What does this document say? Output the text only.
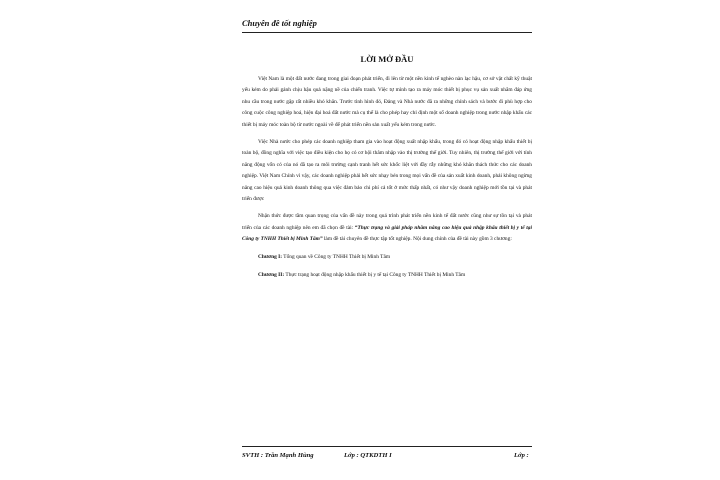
Chuyên đề tốt nghiệp
LỜI MỞ ĐẦU

Việt Nam là một đất nước đang trong giai đoạn phát triển, đi lên từ một nền kinh tế nghèo nàn lạc hậu, cơ sở vật chất kỹ thuật yếu kém do phải gánh chịu hậu quả nặng nề của chiến tranh. Việc tự mình tạo ra máy móc thiết bị phục vụ sản xuất nhằm đáp ứng nhu cầu trong nước gặp rất nhiều khó khăn. Trước tình hình đó, Đảng và Nhà nước đã ra những chính sách và bước đi phù hợp cho công cuộc công nghiệp hoá, hiện đại hoá đất nước mà cụ thể là cho phép hay chỉ định một số doanh nghiệp trong nước nhập khẩu các thiết bị máy móc toàn bộ từ nước ngoài về để phát triển nền sản xuất yếu kém trong nước.

Việc Nhà nước cho phép các doanh nghiệp tham gia vào hoạt động xuất nhập khẩu, trong đó có hoạt động nhập khẩu thiết bị toàn bộ, đồng nghĩa với việc tạo điều kiện cho họ có cơ hội thâm nhập vào thị trường thế giới. Tuy nhiên, thị trường thế giới với tính năng động vốn có của nó đã tạo ra môi trường cạnh tranh hết sức khốc liệt với đầy rẫy những khó khăn thách thức cho các doanh nghiệp. Việt Nam Chính vì vậy, các doanh nghiệp phải hết sức nhạy bén trong mọi vấn đề của sản xuất kinh doanh, phải không ngừng nâng cao hiệu quả kinh doanh thông qua việc đảm bảo chi phí cả tốt ở mức thấp nhất, có như vậy doanh nghiệp mới tồn tại và phát triển được

Nhận thức được tầm quan trọng của vấn đề này trong quá trình phát triển nền kinh tế đất nước cũng như sự tồn tại và phát triển của các doanh nghiệp nên em đã chọn đề tài: “Thực trạng và giải pháp nhằm nâng cao hiệu quả nhập khẩu thiết bị y tế tại Công ty TNHH Thiết bị Minh Tâm” làm đề tài chuyên đề thực tập tốt nghiệp. Nội dung chính của đề tài này gồm 3 chương:

Chương I: Tổng quan về Công ty TNHH Thiết bị Minh Tâm

Chương II: Thực trạng hoạt động nhập khẩu thiết bị y tế tại Công ty TNHH Thiết bị Minh Tâm

SVTH : Trần Mạnh Hùng	Lớp : QTKDTH I	Lớp :
